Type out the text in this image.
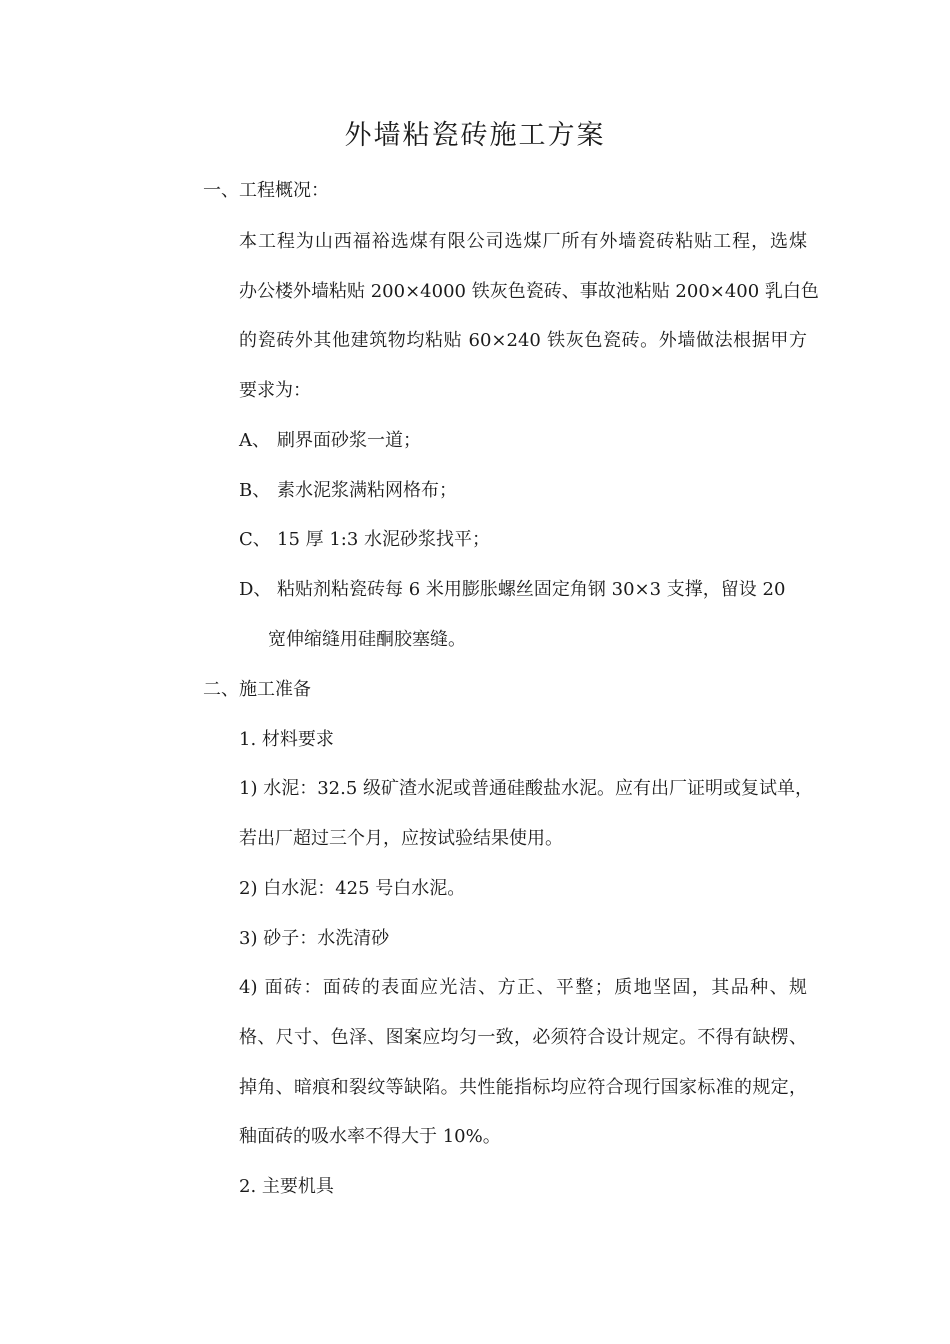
外墙粘瓷砖施工方案
一、工程概况：
本工程为山西福裕选煤有限公司选煤厂所有外墙瓷砖粘贴工程，选煤
办公楼外墙粘贴 200×4000 铁灰色瓷砖、事故池粘贴 200×400 乳白色
的瓷砖外其他建筑物均粘贴 60×240 铁灰色瓷砖。外墙做法根据甲方
要求为：
A、 刷界面砂浆一道；
B、 素水泥浆满粘网格布；
C、 15 厚 1:3 水泥砂浆找平；
D、 粘贴剂粘瓷砖每 6 米用膨胀螺丝固定角钢 30×3 支撑，留设 20
宽伸缩缝用硅酮胶塞缝。
二、施工准备
1. 材料要求
1) 水泥：32.5 级矿渣水泥或普通硅酸盐水泥。应有出厂证明或复试单，
若出厂超过三个月，应按试验结果使用。
2) 白水泥：425 号白水泥。
3) 砂子：水洗清砂
4) 面砖：面砖的表面应光洁、方正、平整；质地坚固，其品种、规
格、尺寸、色泽、图案应均匀一致，必须符合设计规定。不得有缺楞、
掉角、暗痕和裂纹等缺陷。共性能指标均应符合现行国家标准的规定，
釉面砖的吸水率不得大于 10%。
2. 主要机具
